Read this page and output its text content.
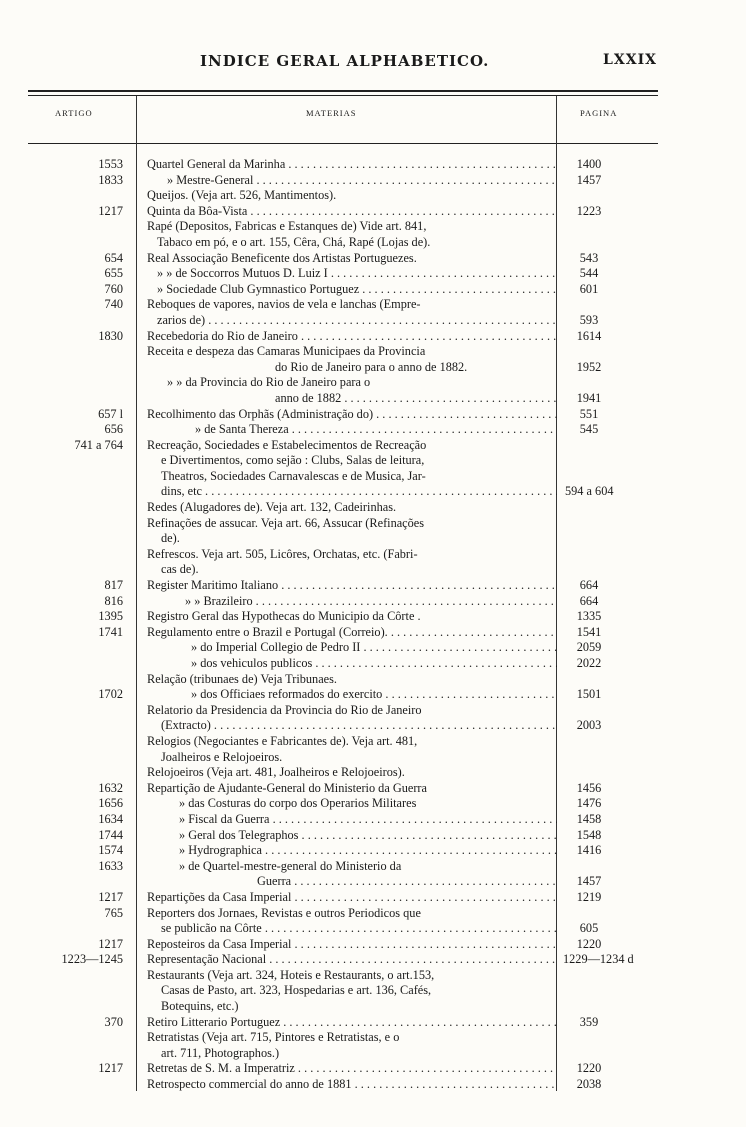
INDICE GERAL ALPHABETICO.	LXXIX
ARTIGO	MATERIAS	PAGINA
1553 Quartel General da Marinha . . .	1400
1833	» Mestre-General . . .	1457
Queijos. (Veja art. 526, Mantimentos).
1217 Quinta da Bôa-Vista . . .	1223
Rapé (Depositos, Fabricas e Estanques de) Vide art. 841,
Tabaco em pó, e o art. 155, Cêra, Chá, Rapé (Lojas de).
654 Real Associação Beneficente dos Artistas Portuguezes.	543
655	» » de Soccorros Mutuos D. Luiz I . . .	544
760	» Sociedade Club Gymnastico Portuguez . . .	601
740 Reboques de vapores, navios de vela e lanchas (Empre-
zarios de) . . .	593
1830 Recebedoria do Rio de Janeiro . . .	1614
Receita e despeza das Camaras Municipaes da Provincia
do Rio de Janeiro para o anno de 1882.	1952
» » da Provincia do Rio de Janeiro para o
anno de 1882 . . .	1941
657 l Recolhimento das Orphãs (Administração do) . . .	551
656	» de Santa Thereza . . .	545
741 a 764 Recreação, Sociedades e Estabelecimentos de Recreação
e Divertimentos, como sejão : Clubs, Salas de leitura,
Theatros, Sociedades Carnavalescas e de Musica, Jar-
dins, etc . . .	594 a 604
Redes (Alugadores de). Veja art. 132, Cadeirinhas.
Refinações de assucar. Veja art. 66, Assucar (Refinações
de).
Refrescos. Veja art. 505, Licôres, Orchatas, etc. (Fabri-
cas de).
817 Register Maritimo Italiano . . .	664
816	» » Brazileiro . . .	664
1395 Registro Geral das Hypothecas do Municipio da Côrte .	1335
1741 Regulamento entre o Brazil e Portugal (Correio). . . .	1541
» do Imperial Collegio de Pedro II . . .	2059
» dos vehiculos publicos . . .	2022
Relação (tribunaes de) Veja Tribunaes.
1702	» dos Officiaes reformados do exercito . . .	1501
Relatorio da Presidencia da Provincia do Rio de Janeiro
(Extracto) . . .	2003
Relogios (Negociantes e Fabricantes de). Veja art. 481,
Joalheiros e Relojoeiros.
Relojoeiros (Veja art. 481, Joalheiros e Relojoeiros).
1632 Repartição de Ajudante-General do Ministerio da Guerra	1456
1656	» das Costuras do corpo dos Operarios Militares	1476
1634	» Fiscal da Guerra . . .	1458
1744	» Geral dos Telegraphos . . .	1548
1574	» Hydrographica . . .	1416
1633	» de Quartel-mestre-general do Ministerio da
Guerra . . .	1457
1217 Repartições da Casa Imperial . . .	1219
765 Reporters dos Jornaes, Revistas e outros Periodicos que
se publicão na Côrte . . .	605
1217 Reposteiros da Casa Imperial . . .	1220
1223—1245 Representação Nacional . . .	1229—1234 d
Restaurants (Veja art. 324, Hoteis e Restaurants, o art.153,
Casas de Pasto, art. 323, Hospedarias e art. 136, Cafés,
Botequins, etc.)
370 Retiro Litterario Portuguez . . .	359
Retratistas (Veja art. 715, Pintores e Retratistas, e o
art. 711, Photographos.)
1217 Retretas de S. M. a Imperatriz . . .	1220
Retrospecto commercial do anno de 1881 . . .	2038
